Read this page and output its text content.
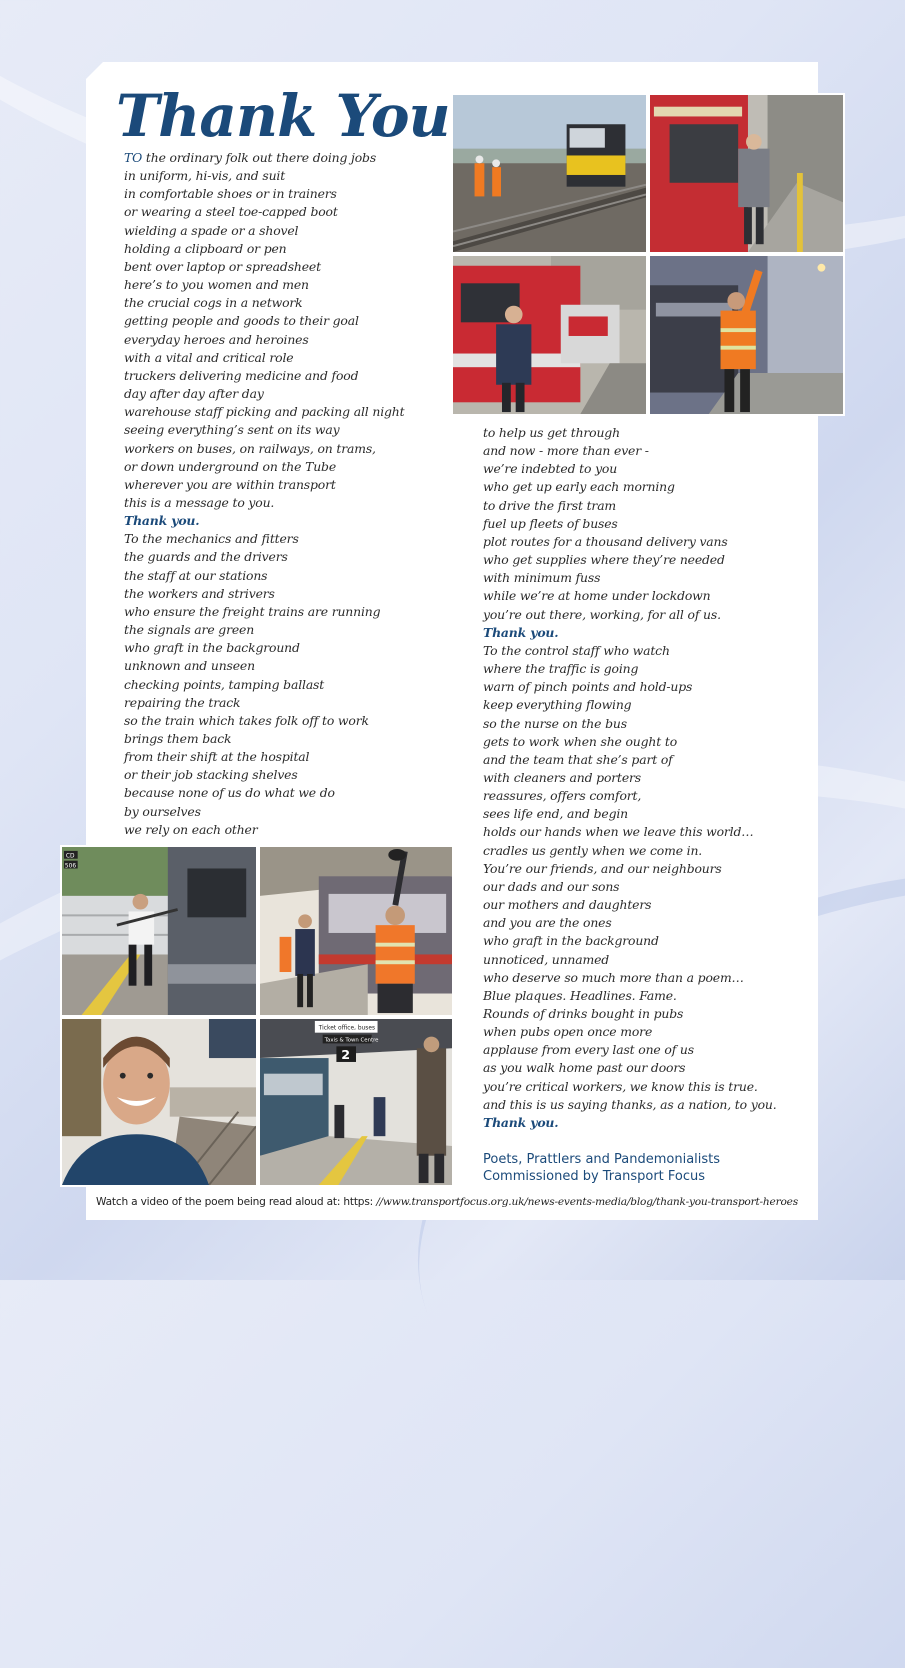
Thank You
TO the ordinary folk out there doing jobs
in uniform, hi-vis, and suit
in comfortable shoes or in trainers
or wearing a steel toe-capped boot
wielding a spade or a shovel
holding a clipboard or pen
bent over laptop or spreadsheet
here’s to you women and men
the crucial cogs in a network
getting people and goods to their goal
everyday heroes and heroines
with a vital and critical role
truckers delivering medicine and food
day after day after day
warehouse staff picking and packing all night
seeing everything’s sent on its way
workers on buses, on railways, on trams,
or down underground on the Tube
wherever you are within transport
this is a message to you.
Thank you.
To the mechanics and fitters
the guards and the drivers
the staff at our stations
the workers and strivers
who ensure the freight trains are running
the signals are green
who graft in the background
unknown and unseen
checking points, tamping ballast
repairing the track
so the train which takes folk off to work
brings them back
from their shift at the hospital
or their job stacking shelves
because none of us do what we do
by ourselves
we rely on each other
to help us get through
and now - more than ever -
we’re indebted to you
who get up early each morning
to drive the first tram
fuel up fleets of buses
plot routes for a thousand delivery vans
who get supplies where they’re needed
with minimum fuss
while we’re at home under lockdown
you’re out there, working, for all of us.
Thank you.
To the control staff who watch
where the traffic is going
warn of pinch points and hold-ups
keep everything flowing
so the nurse on the bus
gets to work when she ought to
and the team that she’s part of
with cleaners and porters
reassures, offers comfort,
sees life end, and begin
holds our hands when we leave this world…
cradles us gently when we come in.
You’re our friends, and our neighbours
our dads and our sons
our mothers and daughters
and you are the ones
who graft in the background
unnoticed, unnamed
who deserve so much more than a poem…
Blue plaques. Headlines. Fame.
Rounds of drinks bought in pubs
when pubs open once more
applause from every last one of us
as you walk home past our doors
you’re critical workers, we know this is true.
and this is us saying thanks, as a nation, to you.
Thank you.
Poets, Prattlers and Pandemonialists
Commissioned by Transport Focus
Watch a video of the poem being read aloud at: https: //www.transportfocus.org.uk/news-events-media/blog/thank-you-transport-heroes
CD
506
Ticket office, buses
Taxis & Town Centre
2
